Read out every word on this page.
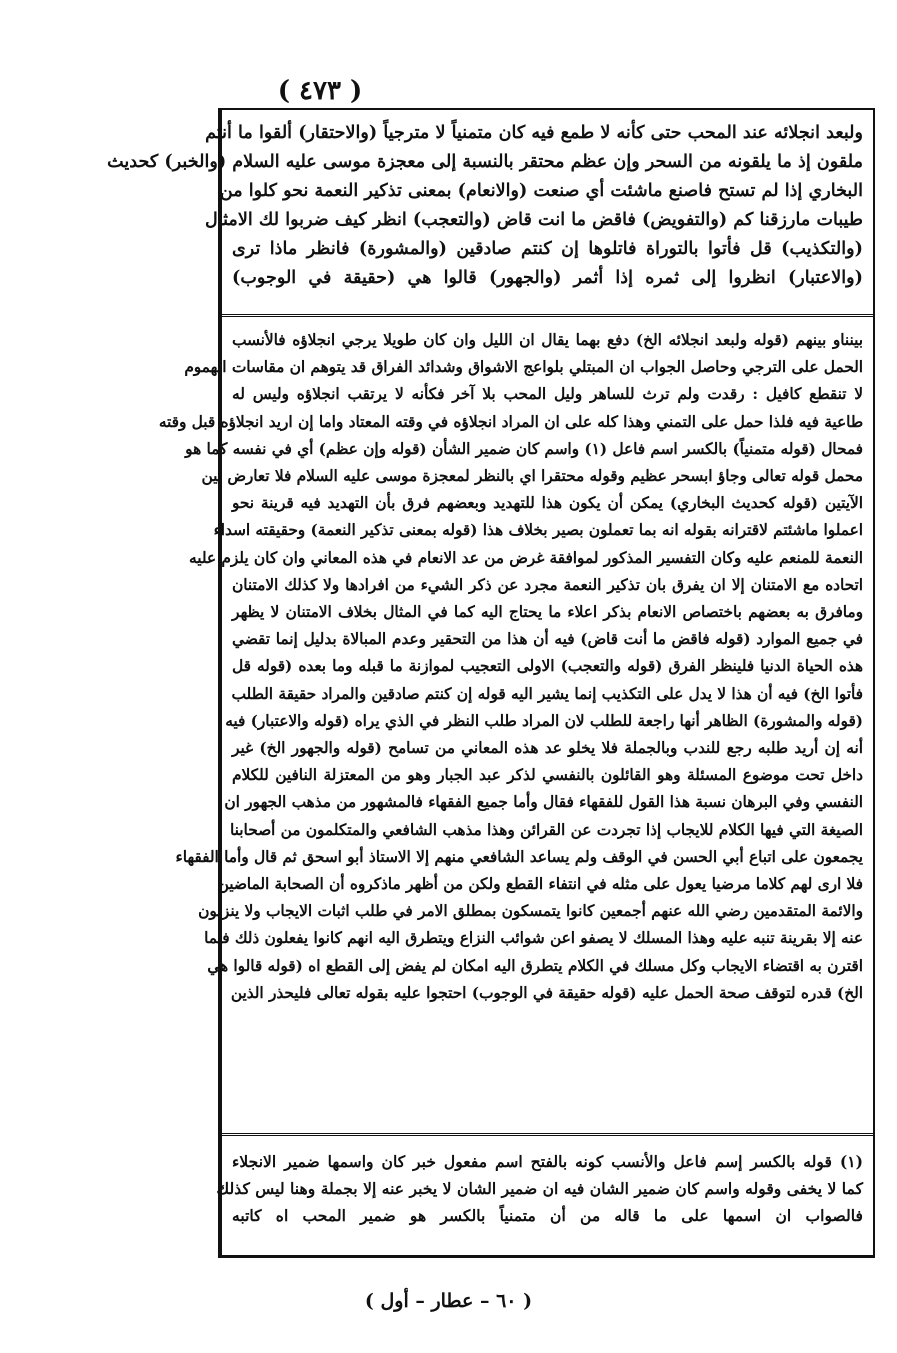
( ٤٧٣ )
ولبعد انجلائه عند المحب حتى كأنه لا طمع فيه كان متمنياً لا مترجياً (والاحتقار) ألقوا ما أنتم
ملقون إذ ما يلقونه من السحر وإن عظم محتقر بالنسبة إلى معجزة موسى عليه السلام (والخبر) كحديث
البخاري إذا لم تستح فاصنع ماشئت أي صنعت (والانعام) بمعنى تذكير النعمة نحو كلوا من
طيبات مارزقنا كم (والتفويض) فاقض ما انت قاض (والتعجب) انظر كيف ضربوا لك الامثال
(والتكذيب) قل فأتوا بالتوراة فاتلوها إن كنتم صادقين (والمشورة) فانظر ماذا ترى
(والاعتبار) انظروا إلى ثمره إذا أثمر (والجهور) قالوا هي (حقيقة في الوجوب)
بينناو بينهم (قوله ولبعد انجلائه الخ) دفع بهما يقال ان الليل وان كان طويلا يرجي انجلاؤه فالأنسب
الحمل على الترجي وحاصل الجواب ان المبتلي بلواعج الاشواق وشدائد الفراق قد يتوهم ان مقاسات الهموم
لا تنقطع كافيل : رقدت ولم ترث للساهر وليل المحب بلا آخر فكأنه لا يرتقب انجلاؤه وليس له
طاعية فيه فلذا حمل على التمني وهذا كله على ان المراد انجلاؤه في وقته المعتاد واما إن اريد انجلاؤه قبل وقته
فمحال (قوله متمنياً) بالكسر اسم فاعل (١) واسم كان ضمير الشأن (قوله وإن عظم) أي في نفسه كما هو
محمل قوله تعالى وجاؤ ابسحر عظيم وقوله محتقرا اي بالنظر لمعجزة موسى عليه السلام فلا تعارض بين
الآيتين (قوله كحديث البخاري) يمكن أن يكون هذا للتهديد وبعضهم فرق بأن التهديد فيه قرينة نحو
اعملوا ماشئتم لاقترانه بقوله انه بما تعملون بصير بخلاف هذا (قوله بمعنى تذكير النعمة) وحقيقته اسداء
النعمة للمنعم عليه وكان التفسير المذكور لموافقة غرض من عد الانعام في هذه المعاني وان كان يلزم عليه
اتحاده مع الامتنان إلا ان يفرق بان تذكير النعمة مجرد عن ذكر الشيء من افرادها ولا كذلك الامتنان
ومافرق به بعضهم باختصاص الانعام بذكر اعلاء ما يحتاج اليه كما في المثال بخلاف الامتنان لا يظهر
في جميع الموارد (قوله فاقض ما أنت قاض) فيه أن هذا من التحقير وعدم المبالاة بدليل إنما تقضي
هذه الحياة الدنيا فلينظر الفرق (قوله والتعجب) الاولى التعجيب لموازنة ما قبله وما بعده (قوله قل
فأتوا الخ) فيه أن هذا لا يدل على التكذيب إنما يشير اليه قوله إن كنتم صادقين والمراد حقيقة الطلب
(قوله والمشورة) الظاهر أنها راجعة للطلب لان المراد طلب النظر في الذي يراه (قوله والاعتبار) فيه
أنه إن أريد طلبه رجع للندب وبالجملة فلا يخلو عد هذه المعاني من تسامح (قوله والجهور الخ) غير
داخل تحت موضوع المسئلة وهو القائلون بالنفسي لذكر عبد الجبار وهو من المعتزلة النافين للكلام
النفسي وفي البرهان نسبة هذا القول للفقهاء فقال وأما جميع الفقهاء فالمشهور من مذهب الجهور ان
الصيغة التي فيها الكلام للايجاب إذا تجردت عن القرائن وهذا مذهب الشافعي والمتكلمون من أصحابنا
يجمعون على اتباع أبي الحسن في الوقف ولم يساعد الشافعي منهم إلا الاستاذ أبو اسحق ثم قال وأما الفقهاء
فلا ارى لهم كلاما مرضيا يعول على مثله في انتفاء القطع ولكن من أظهر ماذكروه أن الصحابة الماضين
والائمة المتقدمين رضي الله عنهم أجمعين كانوا يتمسكون بمطلق الامر في طلب اثبات الايجاب ولا ينزلون
عنه إلا بقرينة تنبه عليه وهذا المسلك لا يصفو اعن شوائب النزاع ويتطرق اليه انهم كانوا يفعلون ذلك فيما
اقترن به اقتضاء الايجاب وكل مسلك في الكلام يتطرق اليه امكان لم يفض إلى القطع اه (قوله قالوا هي
الخ) قدره لتوقف صحة الحمل عليه (قوله حقيقة في الوجوب) احتجوا عليه بقوله تعالى فليحذر الذين
(١) قوله بالكسر إسم فاعل والأنسب كونه بالفتح اسم مفعول خبر كان واسمها ضمير الانجلاء
كما لا يخفى وقوله واسم كان ضمير الشان فيه ان ضمير الشان لا يخبر عنه إلا بجملة وهنا ليس كذلك
فالصواب ان اسمها على ما قاله من أن متمنياً بالكسر هو ضمير المحب اه كاتبه
( ٦٠ – عطار – أول )
